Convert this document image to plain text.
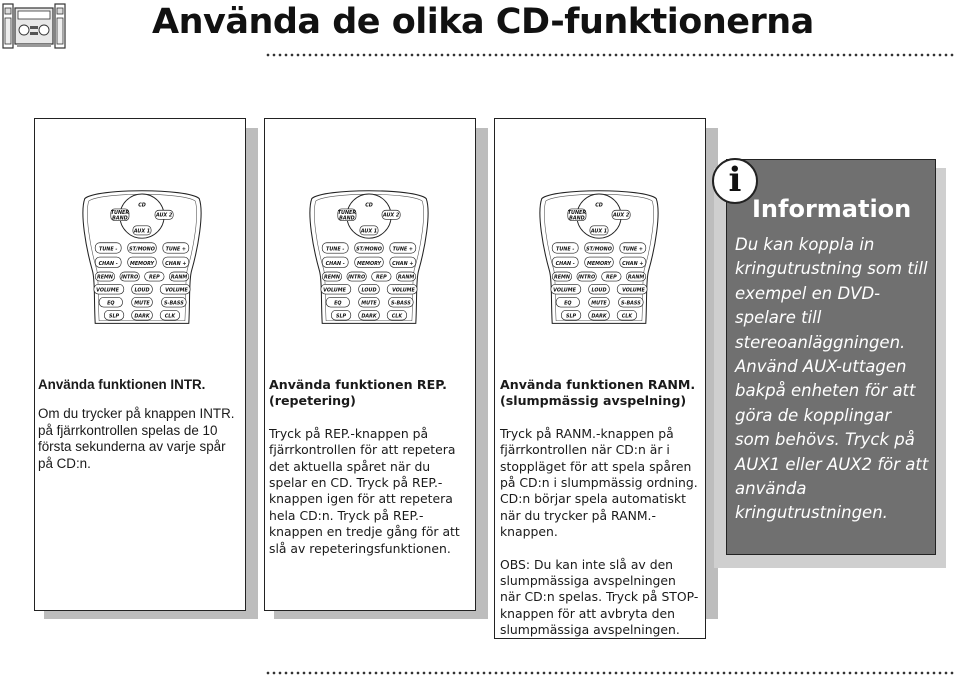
Använda de olika CD-funktionerna
CD
TUNER
BAND	AUX 2
AUX 1
TUNE - ST/MONO TUNE +
CHAN - MEMORY CHAN +
REMN INTRO REP RANM
VOLUME LOUD VOLUME
EQ	MUTE S-BASS
SLP DARK CLK

Använda funktionen INTR.

Om du trycker på knappen INTR. på fjärrkontrollen spelas de 10 första sekunderna av varje spår på CD:n.

CD
TUNER
BAND	AUX 2
AUX 1
TUNE - ST/MONO TUNE +
CHAN - MEMORY CHAN +
REMN INTRO REP RANM
VOLUME LOUD VOLUME
EQ	MUTE S-BASS
SLP DARK CLK

Använda funktionen REP. (repetering)

Tryck på REP.-knappen på fjärrkontrollen för att repetera det aktuella spåret när du spelar en CD. Tryck på REP.-knappen igen för att repetera hela CD:n. Tryck på REP.-knappen en tredje gång för att slå av repeteringsfunktionen.

CD
TUNER
BAND	AUX 2
AUX 1
TUNE - ST/MONO TUNE +
CHAN - MEMORY CHAN +
REMN INTRO REP RANM
VOLUME LOUD VOLUME
EQ	MUTE S-BASS
SLP DARK CLK

Använda funktionen RANM. (slumpmässig avspelning)

Tryck på RANM.-knappen på fjärrkontrollen när CD:n är i stoppläget för att spela spåren på CD:n i slumpmässig ordning. CD:n börjar spela automatiskt när du trycker på RANM.-knappen.

OBS: Du kan inte slå av den slumpmässiga avspelningen när CD:n spelas. Tryck på STOP-knappen för att avbryta den slumpmässiga avspelningen.

i
Information
Du kan koppla in kringutrustning som till exempel en DVD-spelare till stereoanläggningen. Använd AUX-uttagen bakpå enheten för att göra de kopplingar som behövs. Tryck på AUX1 eller AUX2 för att använda kringutrustningen.
